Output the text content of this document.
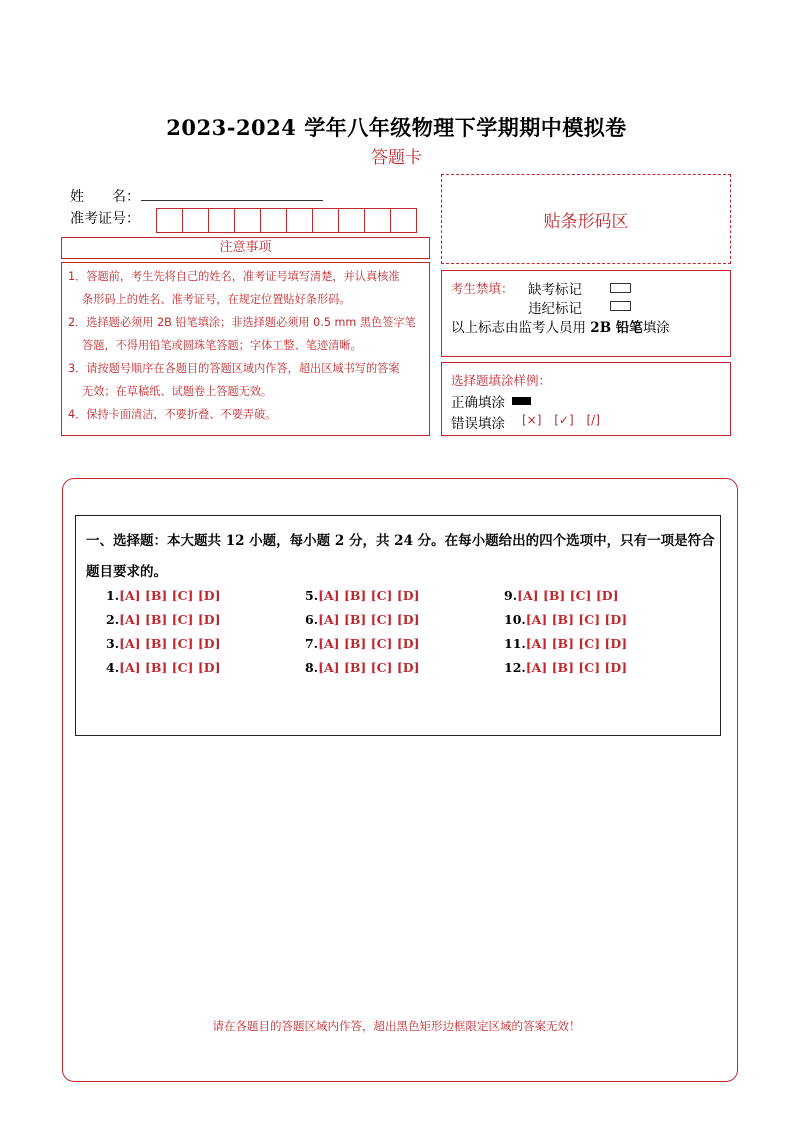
2023-2024 学年八年级物理下学期期中模拟卷
答题卡
姓　　名：
准考证号：	贴条形码区
注意事项
1．答题前，考生先将自己的姓名，准考证号填写清楚，并认真核准
条形码上的姓名、准考证号，在规定位置贴好条形码。
2．选择题必须用 2B 铅笔填涂；非选择题必须用 0.5 mm 黑色签字笔
答题，不得用铅笔或圆珠笔答题；字体工整、笔迹清晰。
3．请按题号顺序在各题目的答题区域内作答，超出区域书写的答案
无效；在草稿纸、试题卷上答题无效。
4．保持卡面清洁，不要折叠、不要弄破。
考生禁填： 缺考标记
违纪标记
以上标志由监考人员用 2B 铅笔填涂
选择题填涂样例：
正确填涂
错误填涂 [×] [✓] [/]
一、选择题：本大题共 12 小题，每小题 2 分，共 24 分。在每小题给出的四个选项中，只有一项是符合题目要求的。
1.[A] [B] [C] [D]
2.[A] [B] [C] [D]
3.[A] [B] [C] [D]
4.[A] [B] [C] [D]
5.[A] [B] [C] [D]
6.[A] [B] [C] [D]
7.[A] [B] [C] [D]
8.[A] [B] [C] [D]
9.[A] [B] [C] [D]
10.[A] [B] [C] [D]
11.[A] [B] [C] [D]
12.[A] [B] [C] [D]
请在各题目的答题区域内作答，超出黑色矩形边框限定区域的答案无效！
